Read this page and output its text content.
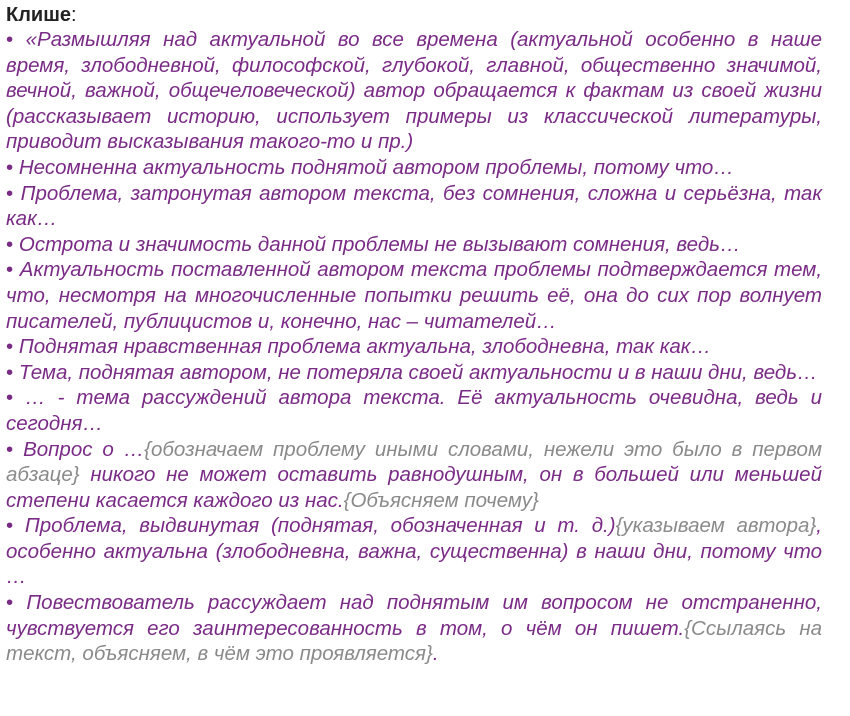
Клише:

• «Размышляя над актуальной во все времена (актуальной особенно в наше время, злободневной, философской, глубокой, главной, общественно значимой, вечной, важной, общечеловеческой) автор обращается к фактам из своей жизни (рассказывает историю, использует примеры из классической литературы, приводит высказывания такого-то и пр.)

• Несомненна актуальность поднятой автором проблемы, потому что…

• Проблема, затронутая автором текста, без сомнения, сложна и серьёзна, так как…

• Острота и значимость данной проблемы не вызывают сомнения, ведь…

• Актуальность поставленной автором текста проблемы подтверждается тем, что, несмотря на многочисленные попытки решить её, она до сих пор волнует писателей, публицистов и, конечно, нас – читателей…

• Поднятая нравственная проблема актуальна, злободневна, так как…

• Тема, поднятая автором, не потеряла своей актуальности и в наши дни, ведь…

• … - тема рассуждений автора текста. Её актуальность очевидна, ведь и сегодня…

• Вопрос о …{обозначаем проблему иными словами, нежели это было в первом абзаце} никого не может оставить равнодушным, он в большей или меньшей степени касается каждого из нас.{Объясняем почему}

• Проблема, выдвинутая (поднятая, обозначенная и т. д.){указываем автора}, особенно актуальна (злободневна, важна, существенна) в наши дни, потому что …

• Повествователь рассуждает над поднятым им вопросом не отстраненно, чувствуется его заинтересованность в том, о чём он пишет.{Ссылаясь на текст, объясняем, в чём это проявляется}.
